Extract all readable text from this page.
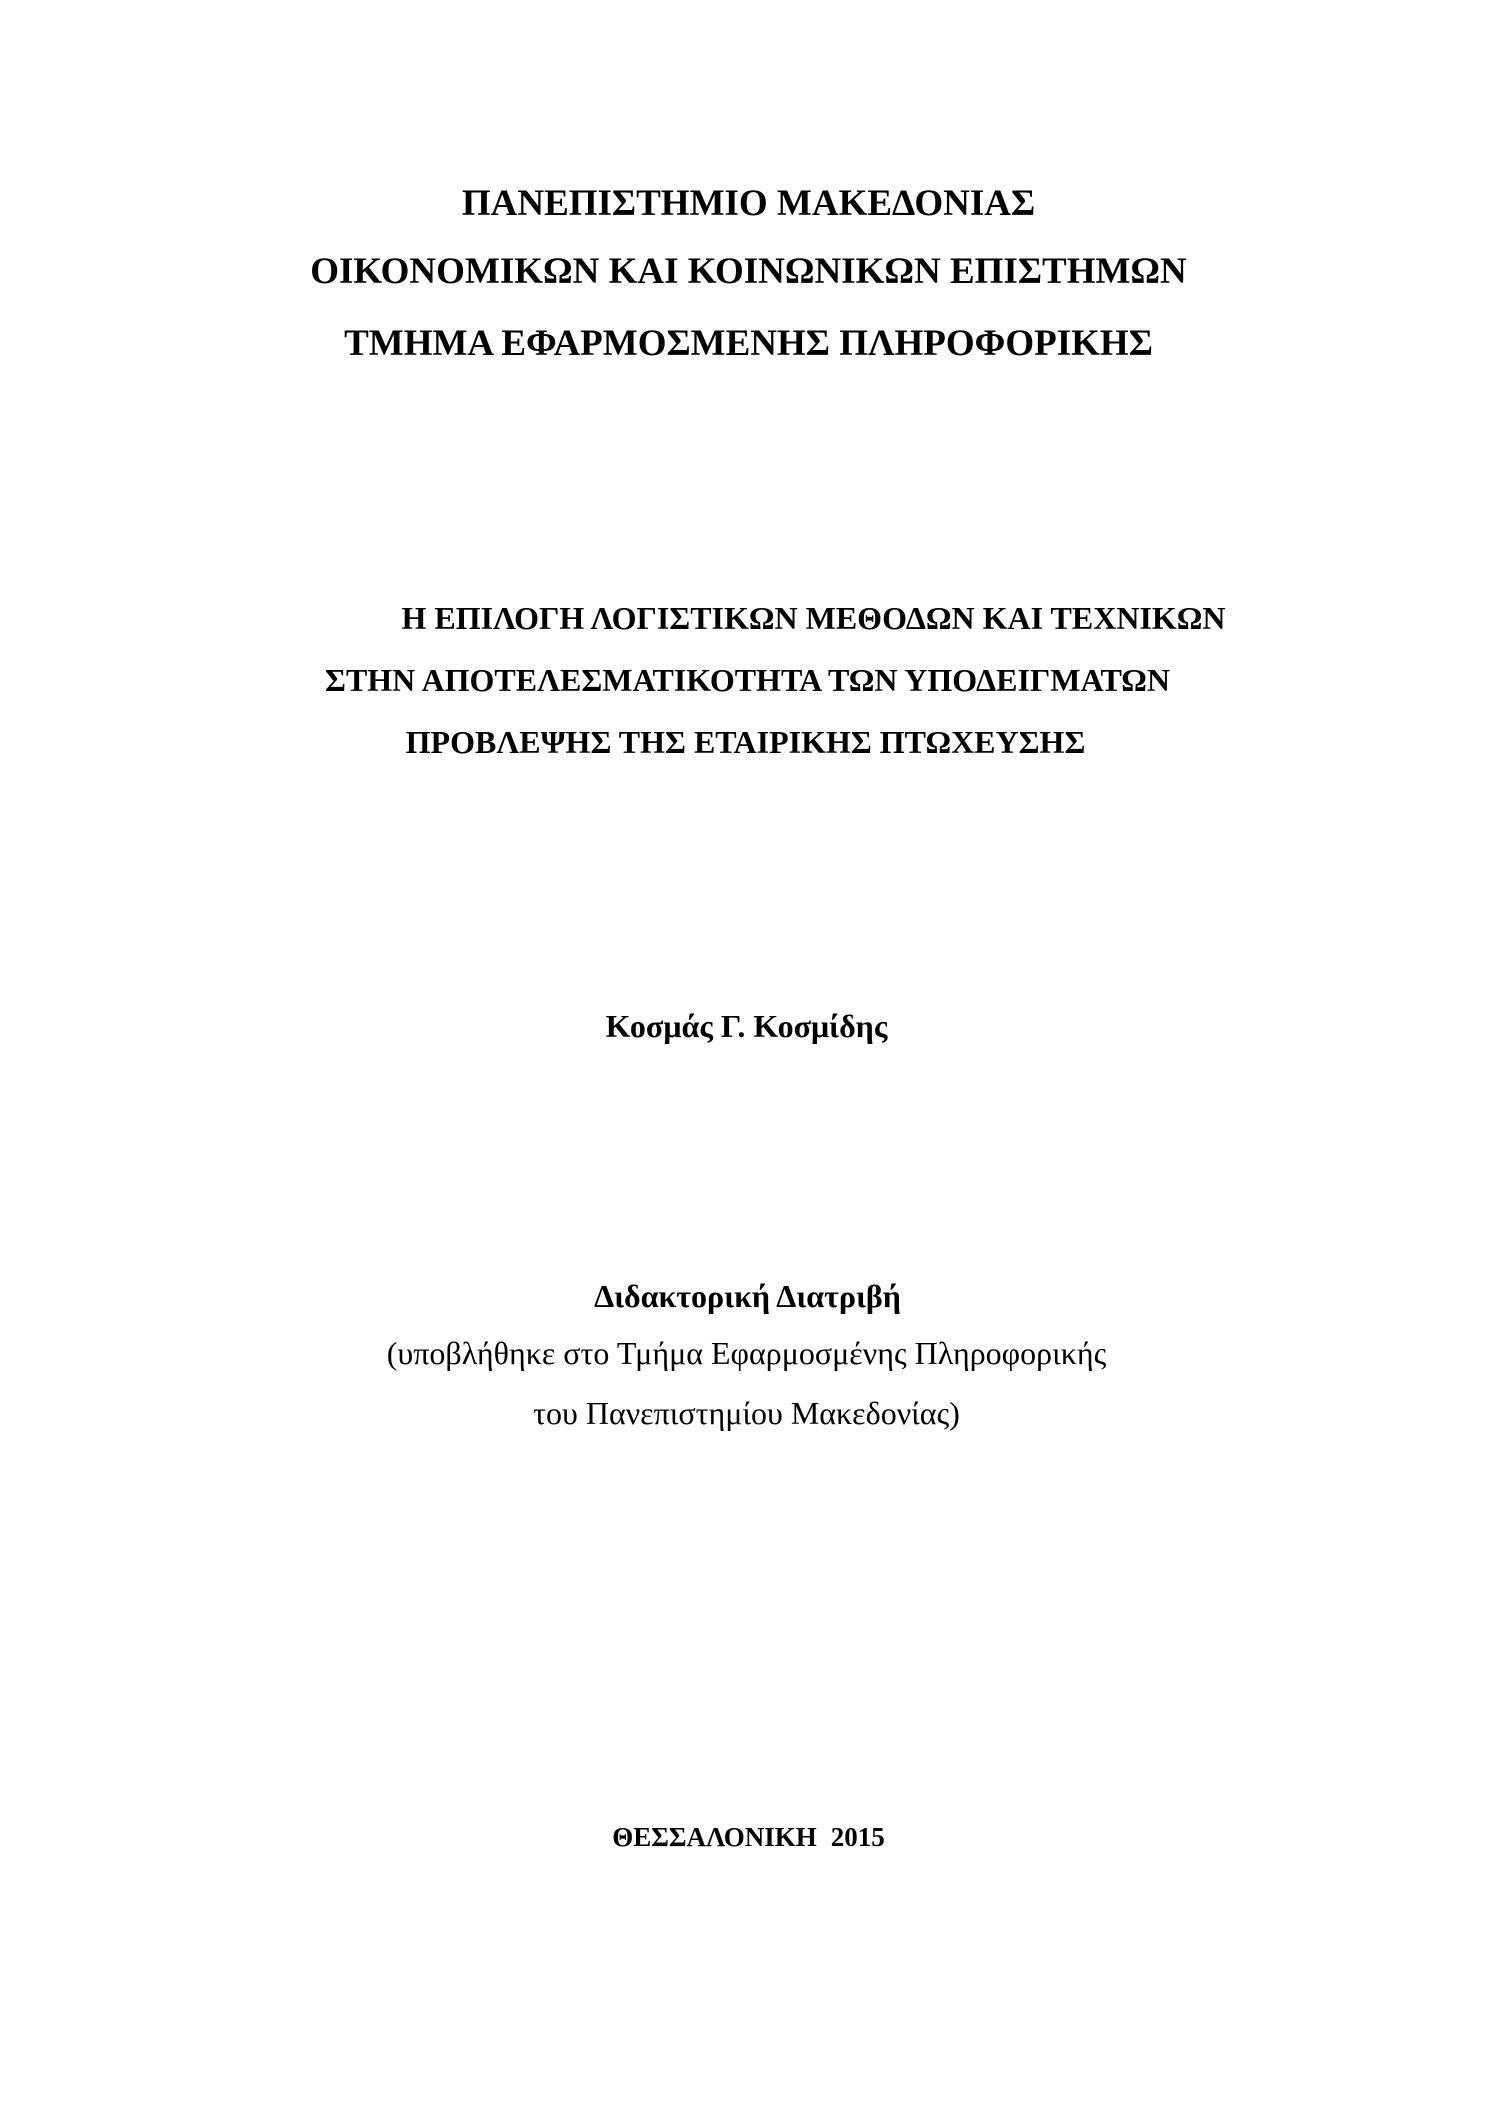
ΠΑΝΕΠΙΣΤΗΜΙΟ ΜΑΚΕΔΟΝΙΑΣ
ΟΙΚΟΝΟΜΙΚΩΝ ΚΑΙ ΚΟΙΝΩΝΙΚΩΝ ΕΠΙΣΤΗΜΩΝ
ΤΜΗΜΑ ΕΦΑΡΜΟΣΜΕΝΗΣ ΠΛΗΡΟΦΟΡΙΚΗΣ
Η ΕΠΙΛΟΓΗ ΛΟΓΙΣΤΙΚΩΝ ΜΕΘΟΔΩΝ ΚΑΙ ΤΕΧΝΙΚΩΝ
ΣΤΗΝ ΑΠΟΤΕΛΕΣΜΑΤΙΚΟΤΗΤΑ ΤΩΝ ΥΠΟΔΕΙΓΜΑΤΩΝ
ΠΡΟΒΛΕΨΗΣ ΤΗΣ ΕΤΑΙΡΙΚΗΣ ΠΤΩΧΕΥΣΗΣ
Κοσμάς Γ. Κοσμίδης
Διδακτορική Διατριβή
(υποβλήθηκε στο Τμήμα Εφαρμοσμένης Πληροφορικής
του Πανεπιστημίου Μακεδονίας)
ΘΕΣΣΑΛΟΝΙΚΗ 2015
